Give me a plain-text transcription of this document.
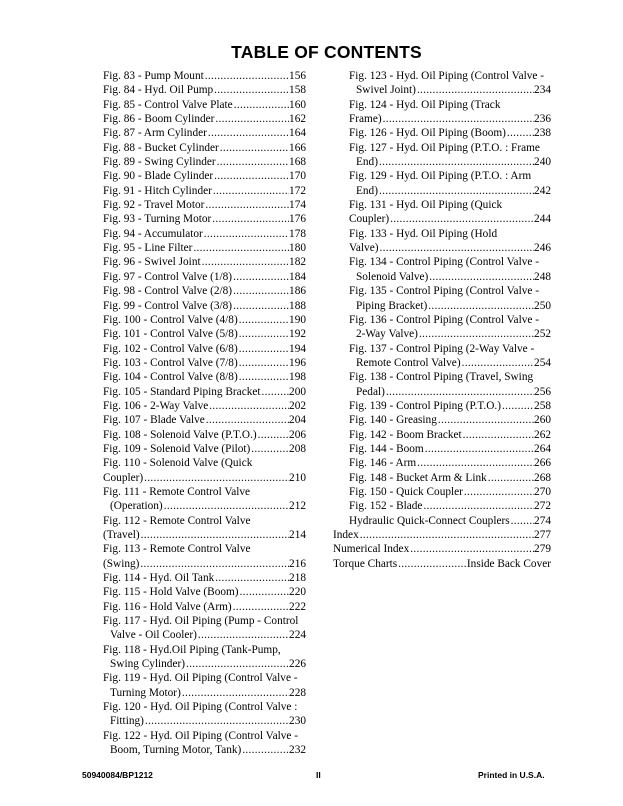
TABLE OF CONTENTS
Fig. 83 - Pump Mount .....	156
Fig. 84 - Hyd. Oil Pump .....	158
Fig. 85 - Control Valve Plate .....	160
Fig. 86 - Boom Cylinder .....	162
Fig. 87 - Arm Cylinder .....	164
Fig. 88 - Bucket Cylinder .....	166
Fig. 89 - Swing Cylinder .....	168
Fig. 90 - Blade Cylinder .....	170
Fig. 91 - Hitch Cylinder .....	172
Fig. 92 - Travel Motor .....	174
Fig. 93 - Turning Motor .....	176
Fig. 94 - Accumulator .....	178
Fig. 95 - Line Filter .....	180
Fig. 96 - Swivel Joint .....	182
Fig. 97 - Control Valve (1/8) .....	184
Fig. 98 - Control Valve (2/8) .....	186
Fig. 99 - Control Valve (3/8) .....	188
Fig. 100 - Control Valve (4/8) .....	190
Fig. 101 - Control Valve (5/8) .....	192
Fig. 102 - Control Valve (6/8) .....	194
Fig. 103 - Control Valve (7/8) .....	196
Fig. 104 - Control Valve (8/8) .....	198
Fig. 105 - Standard Piping Bracket .....	200
Fig. 106 - 2-Way Valve .....	202
Fig. 107 - Blade Valve .....	204
Fig. 108 - Solenoid Valve (P.T.O.) .....	206
Fig. 109 - Solenoid Valve (Pilot) .....	208
Fig. 110 - Solenoid Valve (Quick
Coupler) .....	210
Fig. 111 - Remote Control Valve
(Operation) .....	212
Fig. 112 - Remote Control Valve
(Travel) .....	214
Fig. 113 - Remote Control Valve
(Swing) .....	216
Fig. 114 - Hyd. Oil Tank .....	218
Fig. 115 - Hold Valve (Boom) .....	220
Fig. 116 - Hold Valve (Arm) .....	222
Fig. 117 - Hyd. Oil Piping (Pump - Control
Valve - Oil Cooler) .....	224
Fig. 118 - Hyd.Oil Piping (Tank-Pump,
Swing Cylinder) .....	226
Fig. 119 - Hyd. Oil Piping (Control Valve -
Turning Motor) .....	228
Fig. 120 - Hyd. Oil Piping (Control Valve :
Fitting) .....	230
Fig. 122 - Hyd. Oil Piping (Control Valve -
Boom, Turning Motor, Tank) .....	232
Fig. 123 - Hyd. Oil Piping (Control Valve -
Swivel Joint) .....	234
Fig. 124 - Hyd. Oil Piping (Track
Frame) .....	236
Fig. 126 - Hyd. Oil Piping (Boom) ..... 238
Fig. 127 - Hyd. Oil Piping (P.T.O. : Frame
End) .....	240
Fig. 129 - Hyd. Oil Piping (P.T.O. : Arm
End) .....	242
Fig. 131 - Hyd. Oil Piping (Quick
Coupler) .....	244
Fig. 133 - Hyd. Oil Piping (Hold
Valve) .....	246
Fig. 134 - Control Piping (Control Valve -
Solenoid Valve) .....	248
Fig. 135 - Control Piping (Control Valve -
Piping Bracket) .....	250
Fig. 136 - Control Piping (Control Valve -
2-Way Valve) .....	252
Fig. 137 - Control Piping (2-Way Valve -
Remote Control Valve) .....	254
Fig. 138 - Control Piping (Travel, Swing
Pedal) .....	256
Fig. 139 - Control Piping (P.T.O.) .....	258
Fig. 140 - Greasing .....	260
Fig. 142 - Boom Bracket .....	262
Fig. 144 - Boom .....	264
Fig. 146 - Arm .....	266
Fig. 148 - Bucket Arm & Link .....	268
Fig. 150 - Quick Coupler .....	270
Fig. 152 - Blade .....	272
Hydraulic Quick-Connect Couplers ..... 274
Index .....	277
Numerical Index .....	279
Torque Charts .....	Inside Back Cover
50940084/BP1212	II	Printed in U.S.A.
